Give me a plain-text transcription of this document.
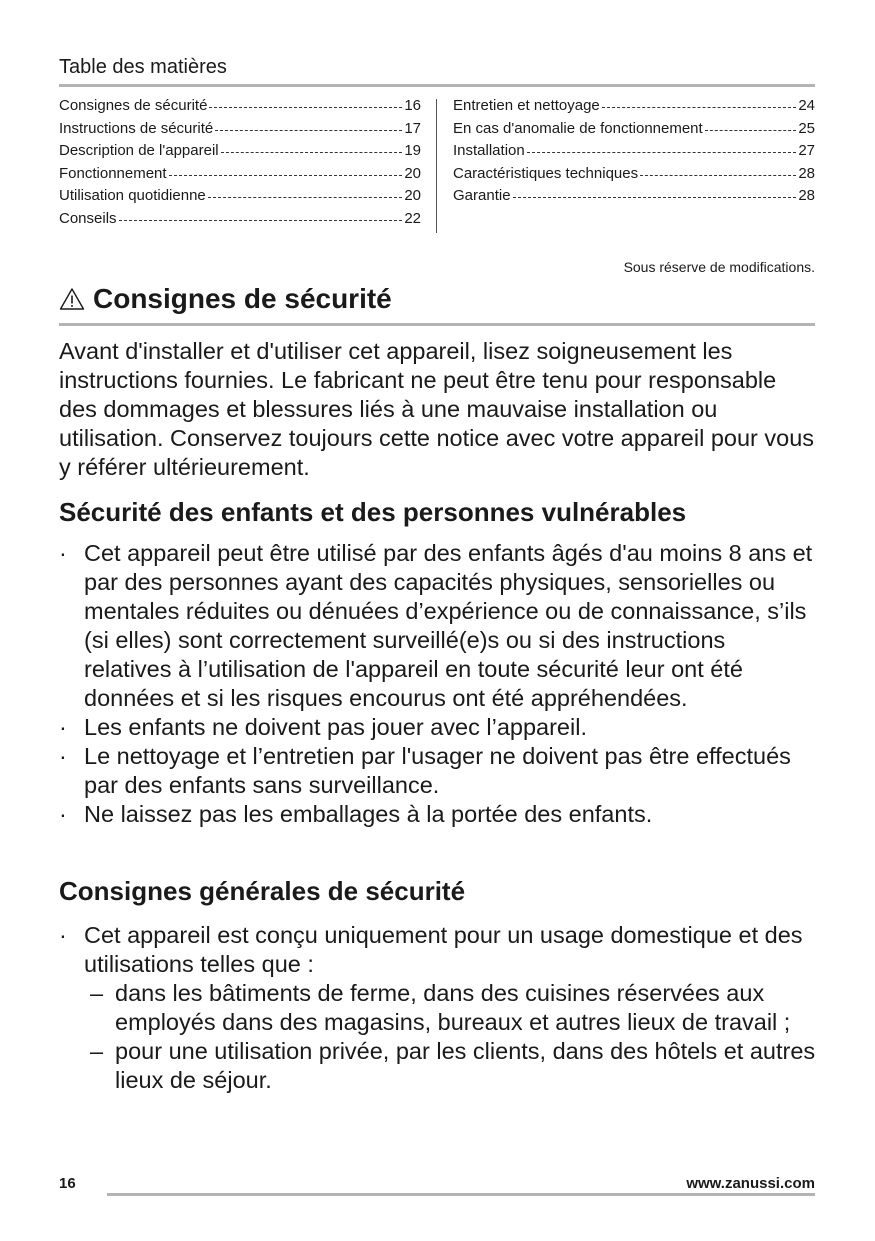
Table des matières
Consignes de sécurité	16
Instructions de sécurité	17
Description de l'appareil	19
Fonctionnement	20
Utilisation quotidienne	20
Conseils	22
Entretien et nettoyage	24
En cas d'anomalie de fonctionnement	25
Installation	27
Caractéristiques techniques	28
Garantie	28
Sous réserve de modifications.
Consignes de sécurité
Avant d'installer et d'utiliser cet appareil, lisez soigneusement les instructions fournies. Le fabricant ne peut être tenu pour responsable des dommages et blessures liés à une mauvaise installation ou utilisation. Conservez toujours cette notice avec votre appareil pour vous y référer ultérieurement.
Sécurité des enfants et des personnes vulnérables
· Cet appareil peut être utilisé par des enfants âgés d'au moins 8 ans et par des personnes ayant des capacités physiques, sensorielles ou mentales réduites ou dénuées d’expérience ou de connaissance, s’ils (si elles) sont correctement surveillé(e)s ou si des instructions relatives à l’utilisation de l'appareil en toute sécurité leur ont été données et si les risques encourus ont été appréhendées.
· Les enfants ne doivent pas jouer avec l’appareil.
· Le nettoyage et l’entretien par l'usager ne doivent pas être effectués par des enfants sans surveillance.
· Ne laissez pas les emballages à la portée des enfants.
Consignes générales de sécurité
· Cet appareil est conçu uniquement pour un usage domestique et des utilisations telles que :
– dans les bâtiments de ferme, dans des cuisines réservées aux employés dans des magasins, bureaux et autres lieux de travail ;
– pour une utilisation privée, par les clients, dans des hôtels et autres lieux de séjour.
16	www.zanussi.com
